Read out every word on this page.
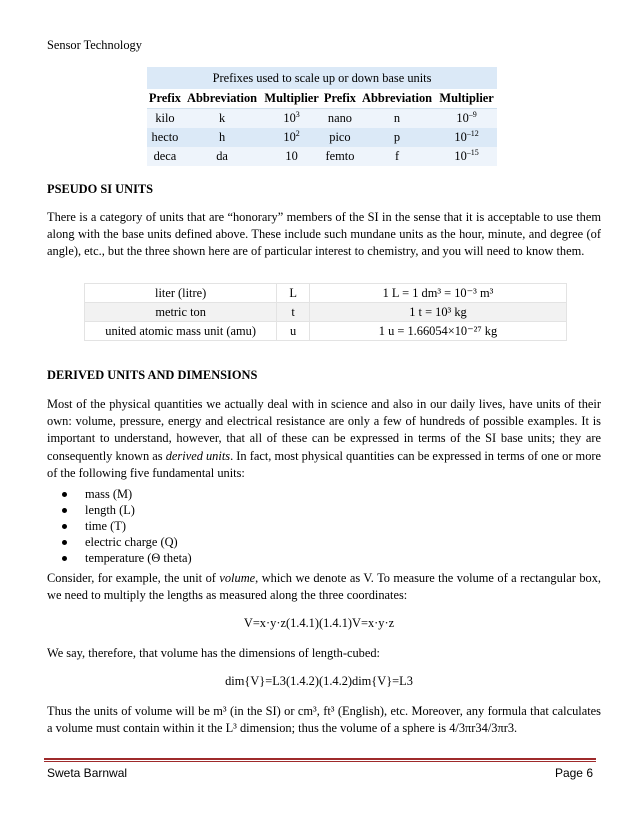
Sensor Technology
Prefixes used to scale up or down base units					
Prefix	Abbreviation	Multiplier	Prefix	Abbreviation	Multiplier
kilo	k	$10^3$	nano	n	$10^{-9}$
hecto	h	$10^2$	pico	p	$10^{-12}$
deca	da	10	femto	f	$10^{-15}$
PSEUDO SI UNITS
There is a category of units that are “honorary” members of the SI in the sense that it is acceptable to use them along with the base units defined above. These include such mundane units as the hour, minute, and degree (of angle), etc., but the three shown here are of particular interest to chemistry, and you will need to know them.
liter (litre)	L	1 L = 1 dm³ = 10⁻³ m³
metric ton	t	1 t = 10³ kg
united atomic mass unit (amu)	u	1 u = 1.66054×10⁻²⁷ kg
DERIVED UNITS AND DIMENSIONS
Most of the physical quantities we actually deal with in science and also in our daily lives, have units of their own: volume, pressure, energy and electrical resistance are only a few of hundreds of possible examples. It is important to understand, however, that all of these can be expressed in terms of the SI base units; they are consequently known as derived units. In fact, most physical quantities can be expressed in terms of one or more of the following five fundamental units:
mass (M)
length (L)
time (T)
electric charge (Q)
temperature (Θ theta)
Consider, for example, the unit of volume, which we denote as V. To measure the volume of a rectangular box, we need to multiply the lengths as measured along the three coordinates:
V=x·y·z(1.4.1)(1.4.1)V=x·y·z
We say, therefore, that volume has the dimensions of length-cubed:
dim{V}=L3(1.4.2)(1.4.2)dim{V}=L3
Thus the units of volume will be m³ (in the SI) or cm³, ft³ (English), etc. Moreover, any formula that calculates a volume must contain within it the L³ dimension; thus the volume of a sphere is 4/3πr34/3πr3.
Sweta Barnwal	Page 6
